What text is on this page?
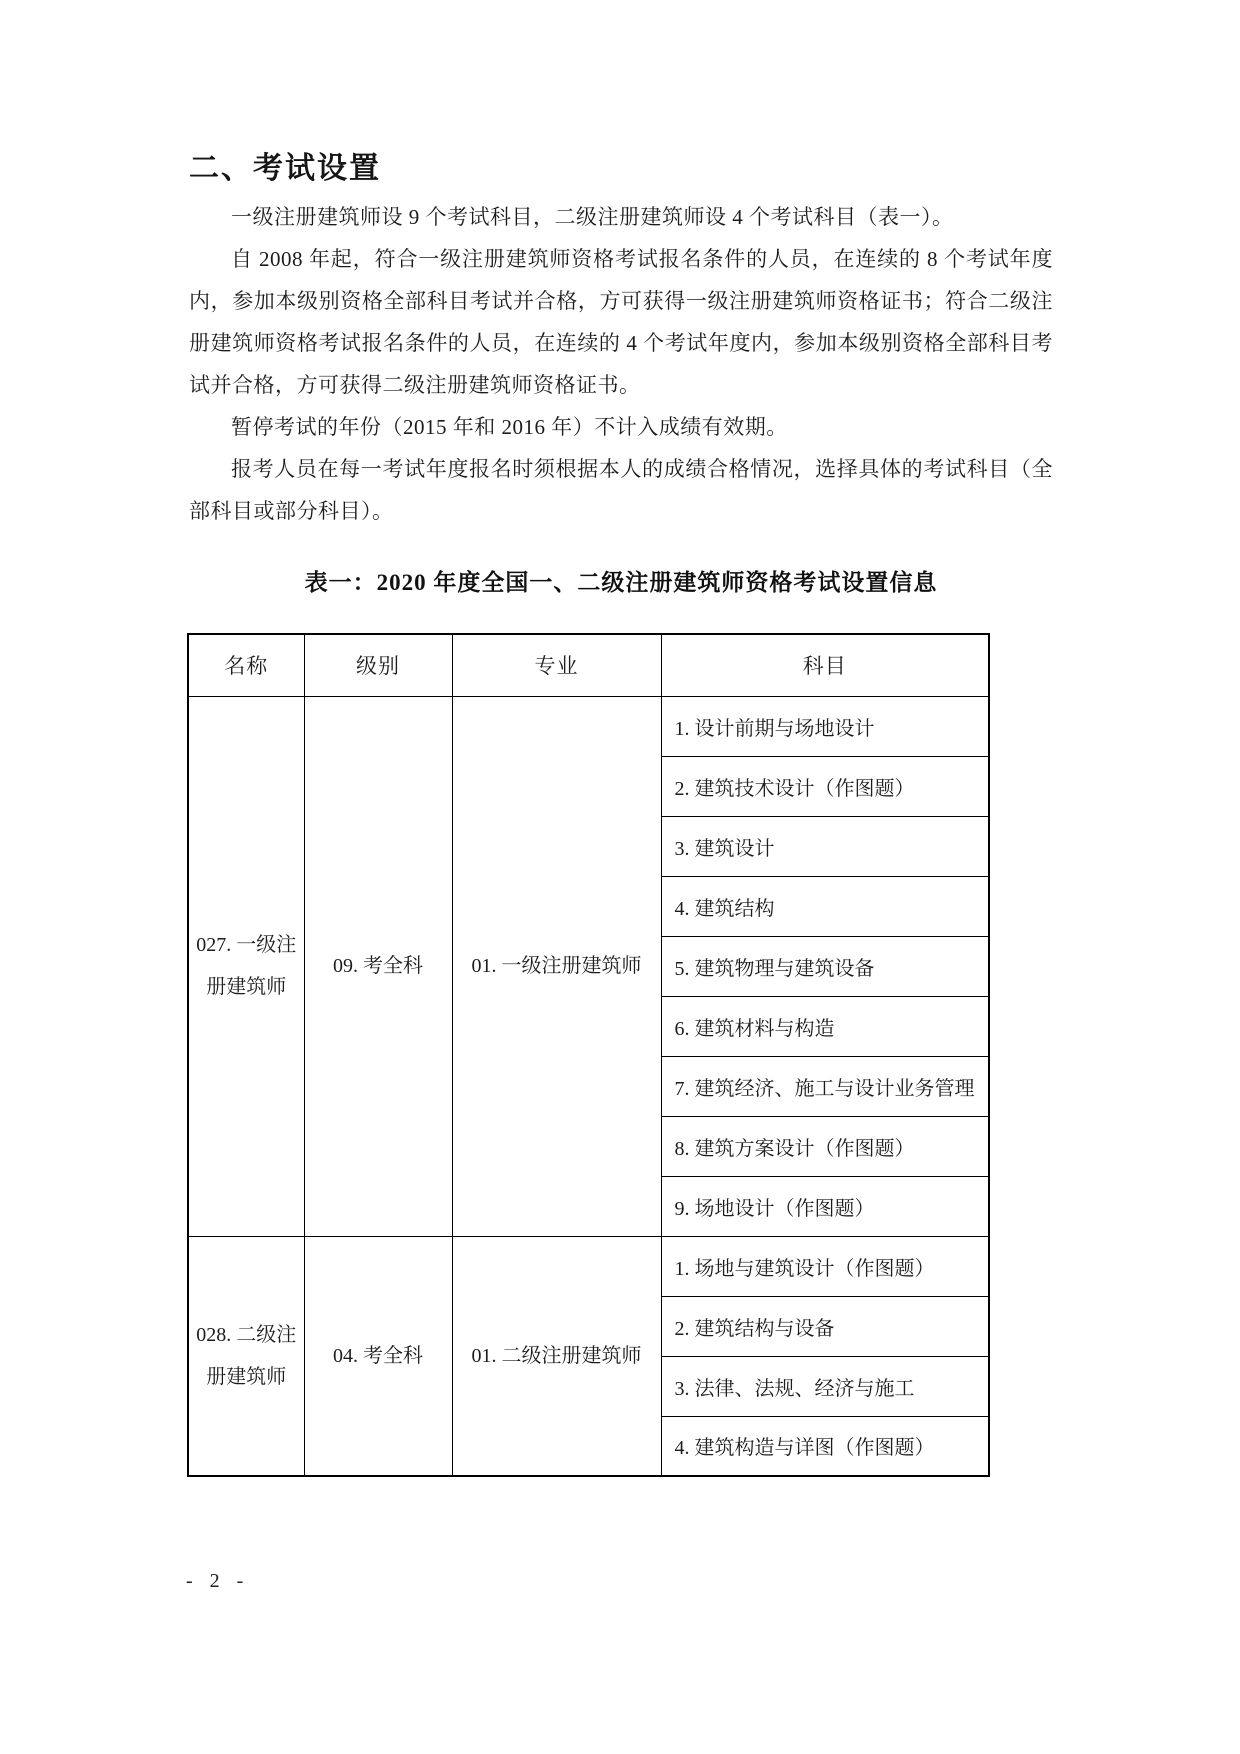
二、考试设置

一级注册建筑师设 9 个考试科目，二级注册建筑师设 4 个考试科目（表一）。

自 2008 年起，符合一级注册建筑师资格考试报名条件的人员，在连续的 8 个考试年度内，参加本级别资格全部科目考试并合格，方可获得一级注册建筑师资格证书；符合二级注册建筑师资格考试报名条件的人员，在连续的 4 个考试年度内，参加本级别资格全部科目考试并合格，方可获得二级注册建筑师资格证书。

暂停考试的年份（2015 年和 2016 年）不计入成绩有效期。

报考人员在每一考试年度报名时须根据本人的成绩合格情况，选择具体的考试科目（全部科目或部分科目）。

表一：2020 年度全国一、二级注册建筑师资格考试设置信息
名称	级别	专业	科目
027. 一级注册建筑师	09. 考全科	01. 一级注册建筑师	1. 设计前期与场地设计
			2. 建筑技术设计（作图题）
			3. 建筑设计
			4. 建筑结构
			5. 建筑物理与建筑设备
			6. 建筑材料与构造
			7. 建筑经济、施工与设计业务管理
			8. 建筑方案设计（作图题）
			9. 场地设计（作图题）
028. 二级注册建筑师	04. 考全科	01. 二级注册建筑师	1. 场地与建筑设计（作图题）
			2. 建筑结构与设备
			3. 法律、法规、经济与施工
			4. 建筑构造与详图（作图题）
- 2 -
